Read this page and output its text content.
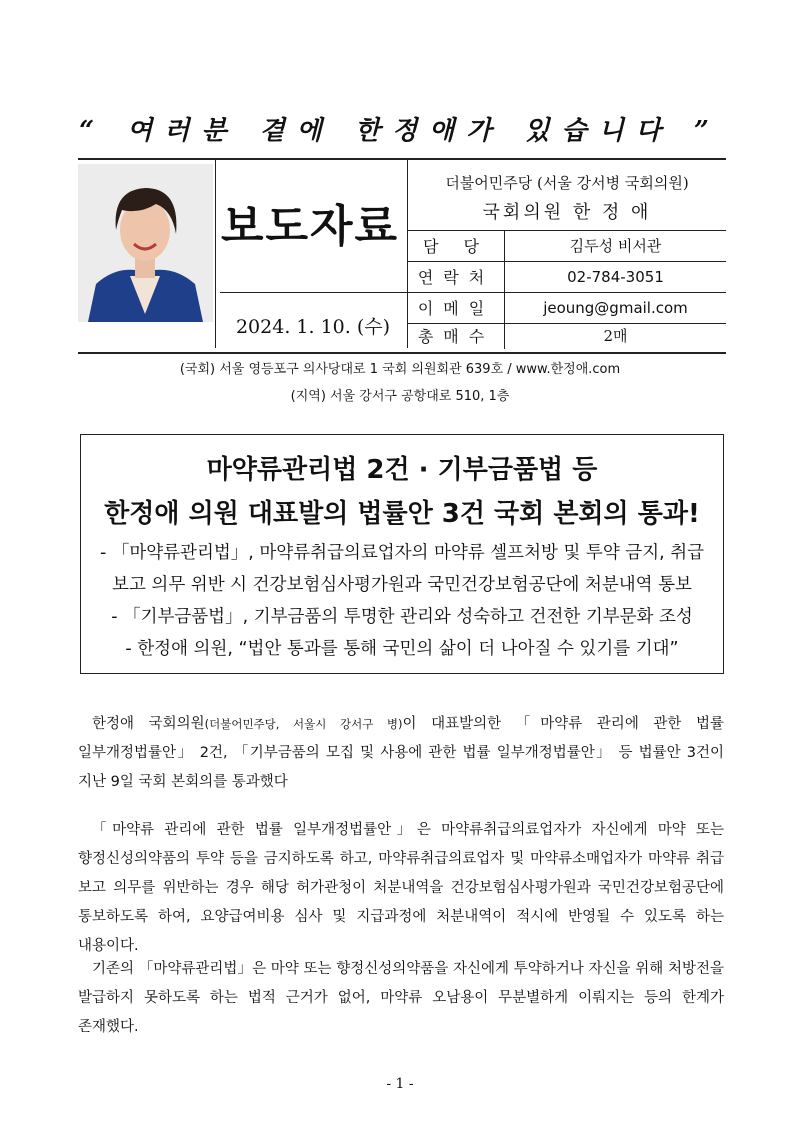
“ 여러분 곁에 한정애가 있습니다 ”
보도자료
2024. 1. 10. (수)
더불어민주당 (서울 강서병 국회의원)
국회의원 한 정 애
담 당	김두성 비서관
연락처	02-784-3051
이메일	jeoung@gmail.com
총매수	2매
(국회) 서울 영등포구 의사당대로 1 국회 의원회관 639호 / www.한정애.com
(지역) 서울 강서구 공항대로 510, 1층
마약류관리법 2건 · 기부금품법 등
한정애 의원 대표발의 법률안 3건 국회 본회의 통과!
- 「마약류관리법」, 마약류취급의료업자의 마약류 셀프처방 및 투약 금지, 취급
보고 의무 위반 시 건강보험심사평가원과 국민건강보험공단에 처분내역 통보
- 「기부금품법」, 기부금품의 투명한 관리와 성숙하고 건전한 기부문화 조성
- 한정애 의원, “법안 통과를 통해 국민의 삶이 더 나아질 수 있기를 기대”
한정애 국회의원(더불어민주당, 서울시 강서구 병)이 대표발의한 「마약류 관리에 관한 법률 일부개정법률안」 2건, 「기부금품의 모집 및 사용에 관한 법률 일부개정법률안」 등 법률안 3건이 지난 9일 국회 본회의를 통과했다
「마약류 관리에 관한 법률 일부개정법률안」은 마약류취급의료업자가 자신에게 마약 또는 향정신성의약품의 투약 등을 금지하도록 하고, 마약류취급의료업자 및 마약류소매업자가 마약류 취급 보고 의무를 위반하는 경우 해당 허가관청이 처분내역을 건강보험심사평가원과 국민건강보험공단에 통보하도록 하여, 요양급여비용 심사 및 지급과정에 처분내역이 적시에 반영될 수 있도록 하는 내용이다.
기존의 「마약류관리법」은 마약 또는 향정신성의약품을 자신에게 투약하거나 자신을 위해 처방전을 발급하지 못하도록 하는 법적 근거가 없어, 마약류 오남용이 무분별하게 이뤄지는 등의 한계가 존재했다.
- 1 -
